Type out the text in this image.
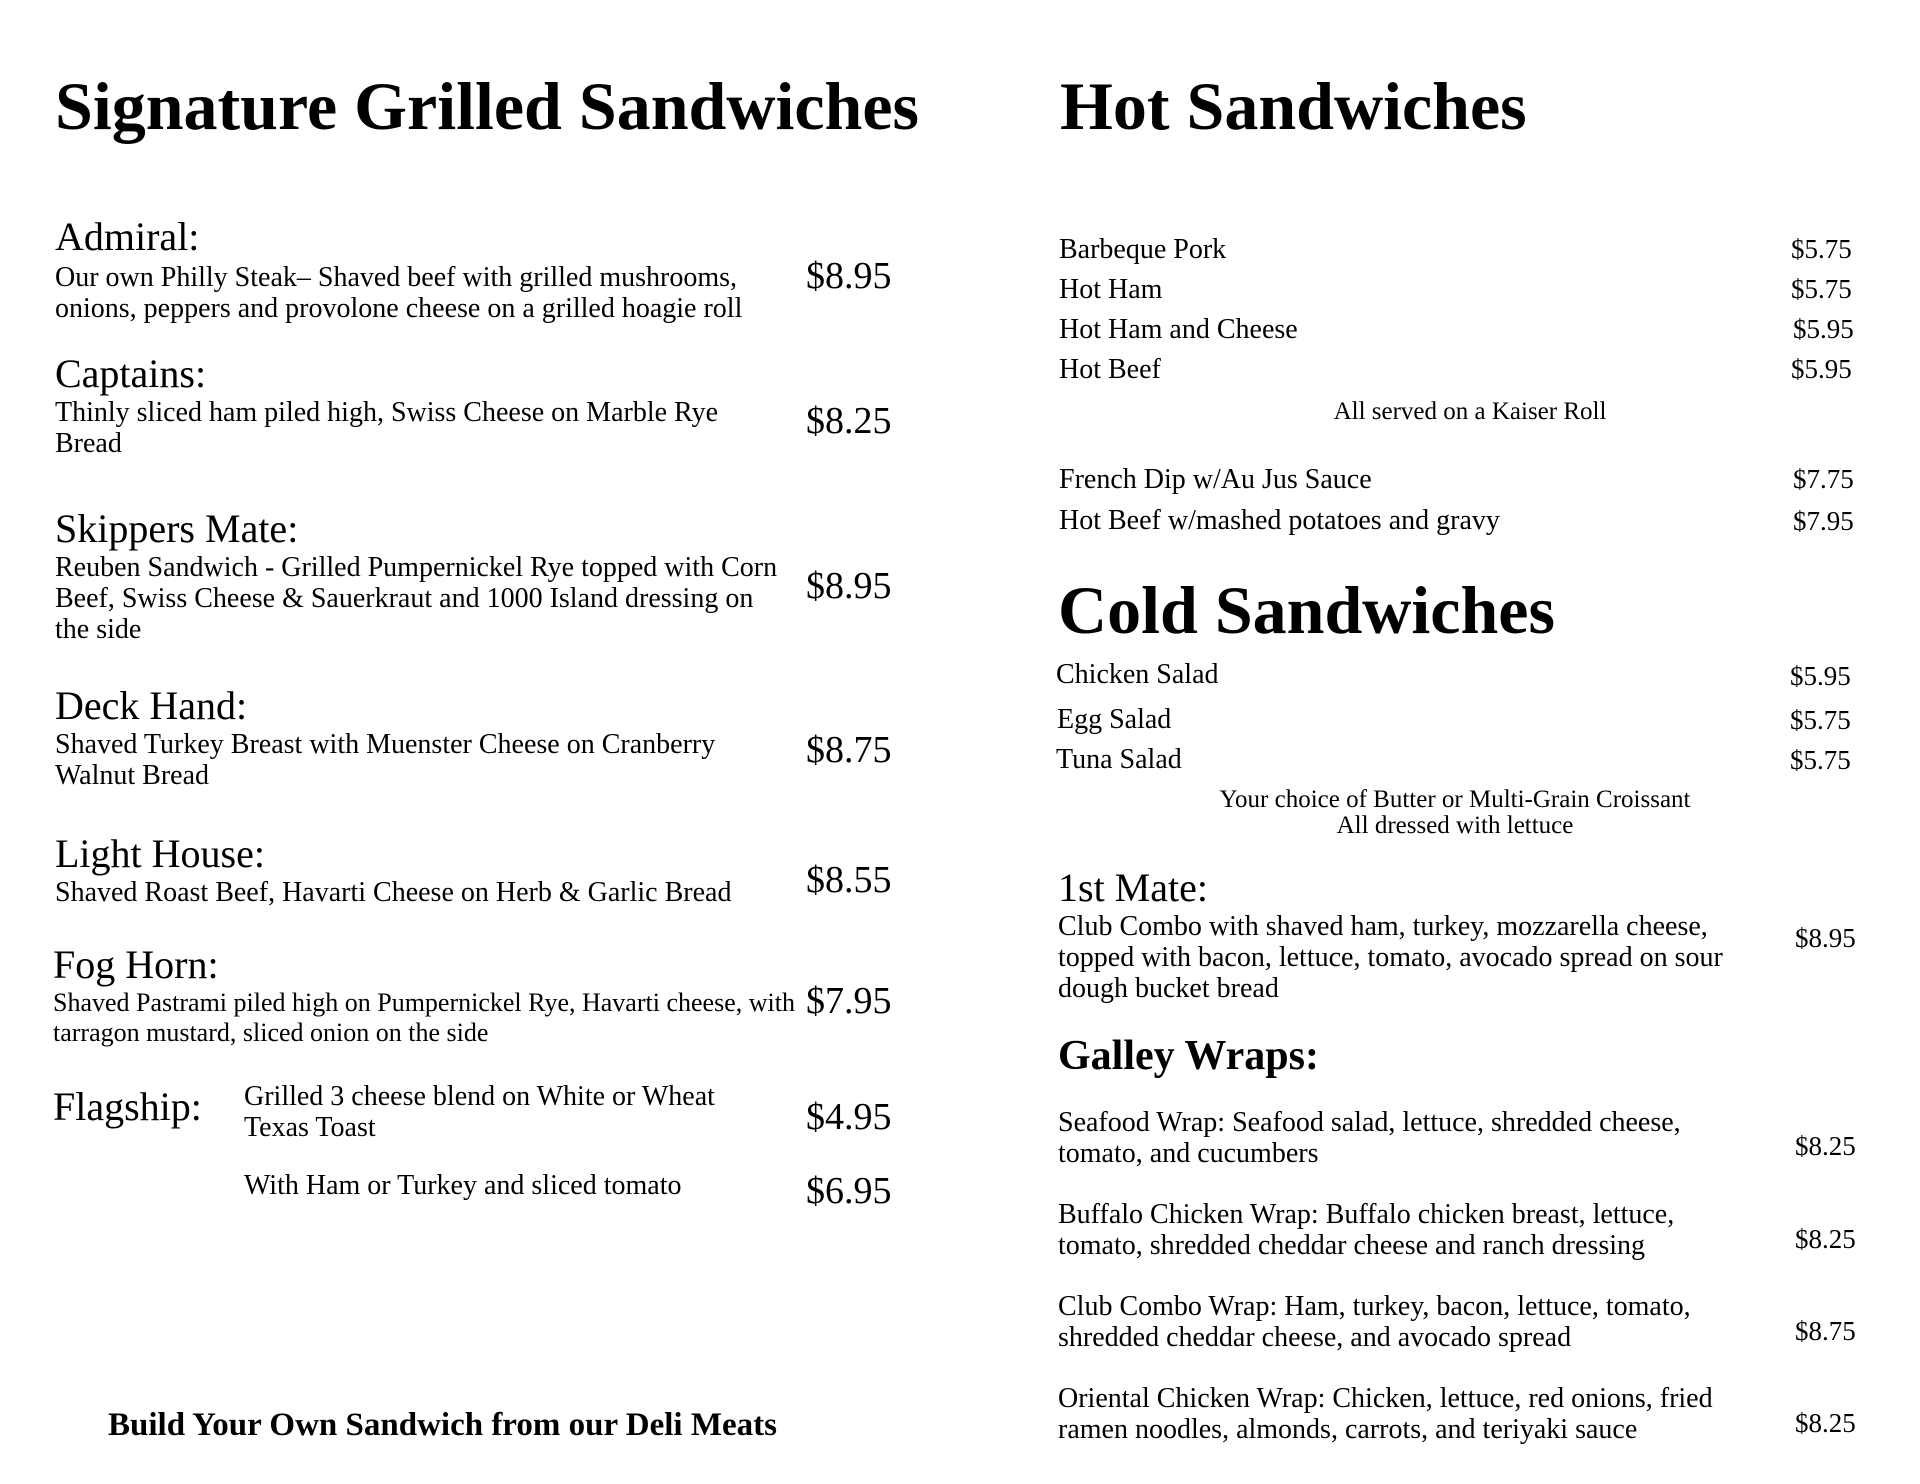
Signature Grilled Sandwiches
Admiral:
Our own Philly Steak– Shaved beef with grilled mushrooms, onions, peppers and provolone cheese on a grilled hoagie roll
$8.95
Captains:
Thinly sliced ham piled high, Swiss Cheese on Marble Rye Bread
$8.25
Skippers Mate:
Reuben Sandwich - Grilled Pumpernickel Rye topped with Corn Beef, Swiss Cheese & Sauerkraut and 1000 Island dressing on the side
$8.95
Deck Hand:
Shaved Turkey Breast with Muenster Cheese on Cranberry Walnut Bread
$8.75
Light House:
Shaved Roast Beef, Havarti Cheese on Herb & Garlic Bread	$8.55
Fog Horn:
Shaved Pastrami piled high on Pumpernickel Rye, Havarti cheese, with tarragon mustard, sliced onion on the side
$7.95
Flagship: Grilled 3 cheese blend on White or Wheat Texas Toast	$4.95
With Ham or Turkey and sliced tomato	$6.95
Build Your Own Sandwich from our Deli Meats
Hot Sandwiches
Barbeque Pork	$5.75
Hot Ham	$5.75
Hot Ham and Cheese	$5.95
Hot Beef	$5.95
All served on a Kaiser Roll
French Dip w/Au Jus Sauce	$7.75
Hot Beef w/mashed potatoes and gravy	$7.95
Cold Sandwiches
Chicken Salad	$5.95
Egg Salad	$5.75
Tuna Salad	$5.75
Your choice of Butter or Multi-Grain Croissant
All dressed with lettuce
1st Mate:
Club Combo with shaved ham, turkey, mozzarella cheese, topped with bacon, lettuce, tomato, avocado spread on sour dough bucket bread
$8.95
Galley Wraps:
Seafood Wrap: Seafood salad, lettuce, shredded cheese, tomato, and cucumbers	$8.25
Buffalo Chicken Wrap: Buffalo chicken breast, lettuce, tomato, shredded cheddar cheese and ranch dressing	$8.25
Club Combo Wrap: Ham, turkey, bacon, lettuce, tomato, shredded cheddar cheese, and avocado spread	$8.75
Oriental Chicken Wrap: Chicken, lettuce, red onions, fried ramen noodles, almonds, carrots, and teriyaki sauce	$8.25
